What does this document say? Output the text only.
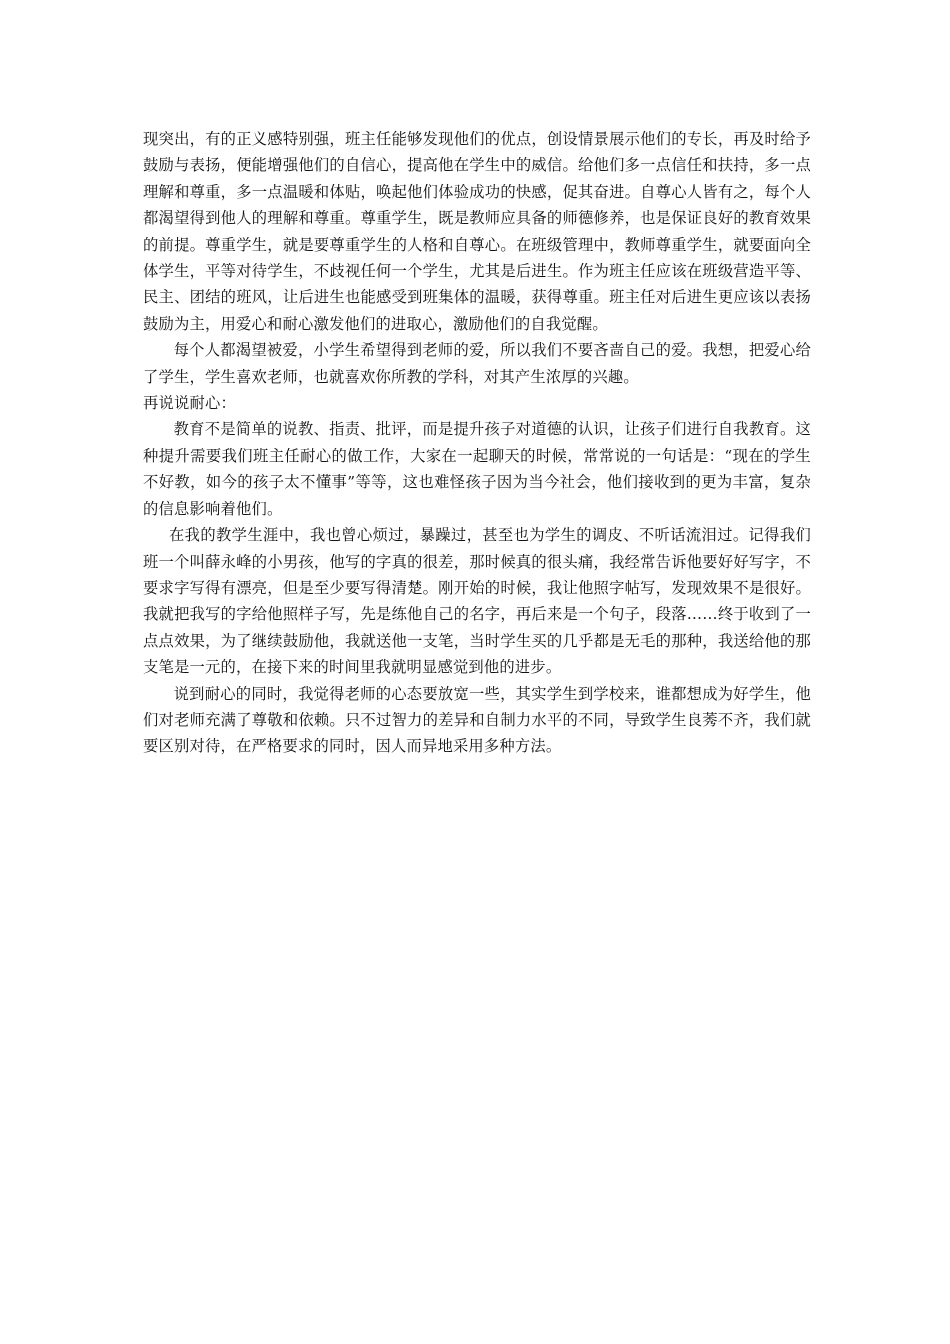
现突出，有的正义感特别强，班主任能够发现他们的优点，创设情景展示他们的专长，再及时给予鼓励与表扬，便能增强他们的自信心，提高他在学生中的威信。给他们多一点信任和扶持，多一点理解和尊重，多一点温暖和体贴，唤起他们体验成功的快感，促其奋进。自尊心人皆有之，每个人都渴望得到他人的理解和尊重。尊重学生，既是教师应具备的师德修养，也是保证良好的教育效果的前提。尊重学生，就是要尊重学生的人格和自尊心。在班级管理中，教师尊重学生，就要面向全体学生，平等对待学生，不歧视任何一个学生，尤其是后进生。作为班主任应该在班级营造平等、民主、团结的班风，让后进生也能感受到班集体的温暖，获得尊重。班主任对后进生更应该以表扬鼓励为主，用爱心和耐心激发他们的进取心，激励他们的自我觉醒。

每个人都渴望被爱，小学生希望得到老师的爱，所以我们不要吝啬自己的爱。我想，把爱心给了学生，学生喜欢老师，也就喜欢你所教的学科，对其产生浓厚的兴趣。

再说说耐心：

教育不是简单的说教、指责、批评，而是提升孩子对道德的认识，让孩子们进行自我教育。这种提升需要我们班主任耐心的做工作，大家在一起聊天的时候，常常说的一句话是：“现在的学生不好教，如今的孩子太不懂事”等等，这也难怪孩子因为当今社会，他们接收到的更为丰富，复杂的信息影响着他们。

在我的教学生涯中，我也曾心烦过，暴躁过，甚至也为学生的调皮、不听话流泪过。记得我们班一个叫薛永峰的小男孩，他写的字真的很差，那时候真的很头痛，我经常告诉他要好好写字，不要求字写得有漂亮，但是至少要写得清楚。刚开始的时候，我让他照字帖写，发现效果不是很好。我就把我写的字给他照样子写，先是练他自己的名字，再后来是一个句子，段落……终于收到了一点点效果，为了继续鼓励他，我就送他一支笔，当时学生买的几乎都是无毛的那种，我送给他的那支笔是一元的，在接下来的时间里我就明显感觉到他的进步。

说到耐心的同时，我觉得老师的心态要放宽一些，其实学生到学校来，谁都想成为好学生，他们对老师充满了尊敬和依赖。只不过智力的差异和自制力水平的不同，导致学生良莠不齐，我们就要区别对待，在严格要求的同时，因人而异地采用多种方法。
